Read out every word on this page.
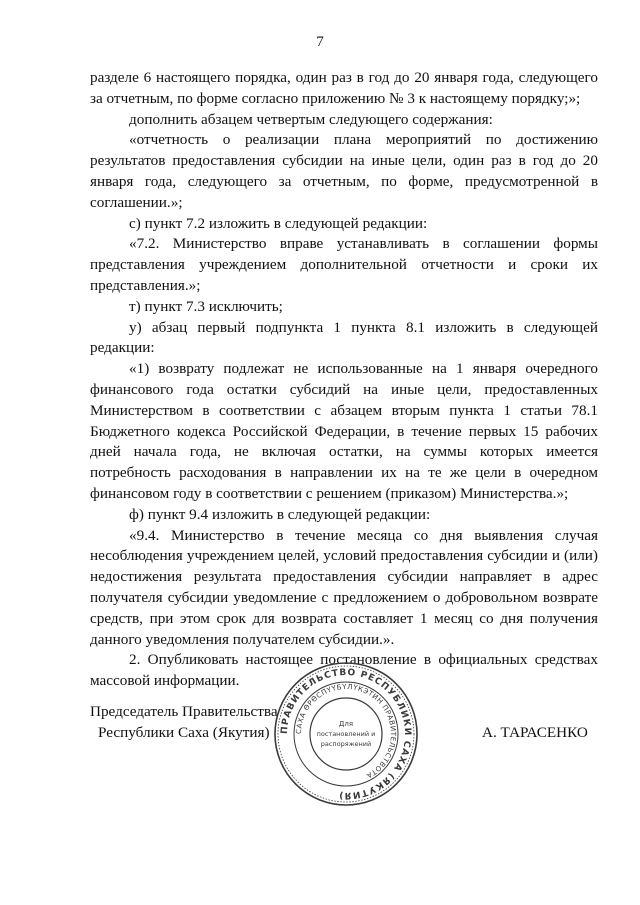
7

разделе 6 настоящего порядка, один раз в год до 20 января года, следующего за отчетным, по форме согласно приложению № 3 к настоящему порядку;»;

дополнить абзацем четвертым следующего содержания:

«отчетность о реализации плана мероприятий по достижению результатов предоставления субсидии на иные цели, один раз в год до 20 января года, следующего за отчетным, по форме, предусмотренной в соглашении.»;

с) пункт 7.2 изложить в следующей редакции:

«7.2. Министерство вправе устанавливать в соглашении формы представления учреждением дополнительной отчетности и сроки их представления.»;

т) пункт 7.3 исключить;

у) абзац первый подпункта 1 пункта 8.1 изложить в следующей редакции:

«1) возврату подлежат не использованные на 1 января очередного финансового года остатки субсидий на иные цели, предоставленных Министерством в соответствии с абзацем вторым пункта 1 статьи 78.1 Бюджетного кодекса Российской Федерации, в течение первых 15 рабочих дней начала года, не включая остатки, на суммы которых имеется потребность расходования в направлении их на те же цели в очередном финансовом году в соответствии с решением (приказом) Министерства.»;

ф) пункт 9.4 изложить в следующей редакции:

«9.4. Министерство в течение месяца со дня выявления случая несоблюдения учреждением целей, условий предоставления субсидии и (или) недостижения результата предоставления субсидии направляет в адрес получателя субсидии уведомление с предложением о добровольном возврате средств, при этом срок для возврата составляет 1 месяц со дня получения данного уведомления получателем субсидии.».

2. Опубликовать настоящее постановление в официальных средствах массовой информации.

Председатель Правительства
Республики Саха (Якутия)	ПРАВИТЕЛЬСТВО РЕСПУБЛИКИ САХА (ЯКУТИЯ)
САХА ӨРӨСПҮҮБҮЛҮКЭТИН ПРАВИТЕЛЬСТВОТА
Для
постановлений и
распоряжений
А. ТАРАСЕНКО
